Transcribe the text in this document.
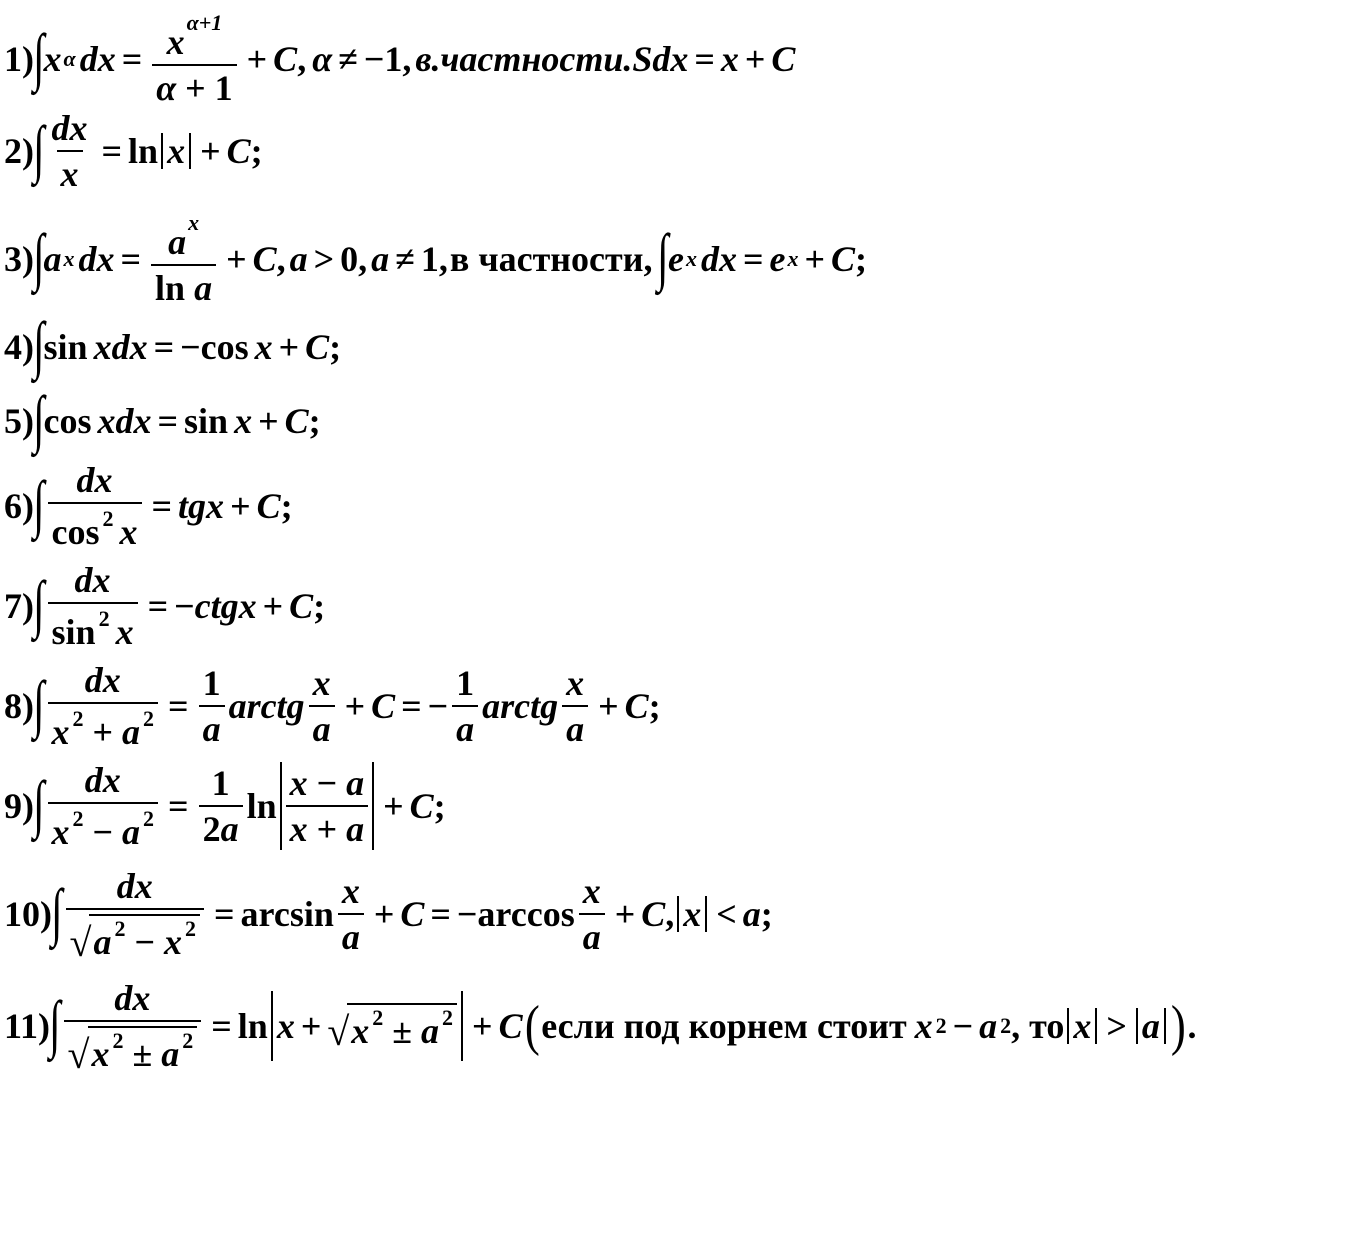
1) ∫ x α dx = $\frac{x^{\alpha+1}}{\alpha + 1} + C$ , α ≠ −1, в.частности.Sdx = x + C
2) ∫ $\frac{dx}{x} = \ln x + C$ ;
3) ∫ a x dx = $\frac{a^x}{\text{ln a}} + C$ , a > 0, a ≠ 1, в частности, ∫ e x dx = e x + C ;
4) ∫ sin xdx = −cos x + C ;
5) ∫ cos xdx = sin x + C ;
6) ∫ $\frac{dx}{\cos ^2 x}$ = tgx + C ;
7) ∫ $\frac{dx}{\sin ^2 x}$ = − ctgx + C ;
8) ∫ $\frac{dx}{x ^2 + a ^2} = \frac{1}{a}$ arctg $\frac{x}{a} + C$ = − $\frac{1}{a}$ arctg $\frac{x}{a} + C$ ;
9) ∫ $\frac{dx}{x ^2 - a ^2} = \frac{1}{2a}$ $\ln \frac{x - a}{x + a} + C$ ;
10) ∫ $\frac{dx}{√ a ^2 - x ^2} = \arcsin \frac{x}{a} + C = -\arccos \frac{x}{a} + C$ , x < a ;
11) ∫ $\frac{dx}{√ x ^2 \pm a ^2} = \ln x$ + √ x $^2$ ± a $^2$ + C ( если под корнем стоит x 2 − a 2 , то x > a ) .
